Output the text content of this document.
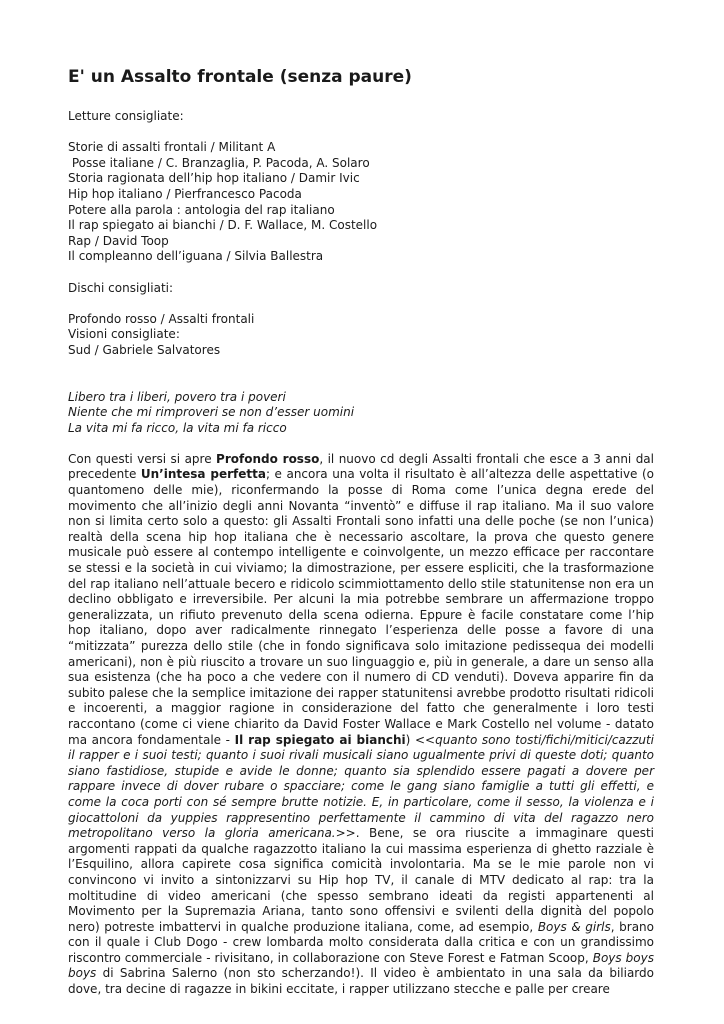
E' un Assalto frontale (senza paure)
Letture consigliate:
Storie di assalti frontali / Militant A
Posse italiane / C. Branzaglia, P. Pacoda, A. Solaro
Storia ragionata dell’hip hop italiano / Damir Ivic
Hip hop italiano / Pierfrancesco Pacoda
Potere alla parola : antologia del rap italiano
Il rap spiegato ai bianchi / D. F. Wallace, M. Costello
Rap / David Toop
Il compleanno dell’iguana / Silvia Ballestra
Dischi consigliati:
Profondo rosso / Assalti frontali
Visioni consigliate:
Sud / Gabriele Salvatores
Libero tra i liberi, povero tra i poveri
Niente che mi rimproveri se non d’esser uomini
La vita mi fa ricco, la vita mi fa ricco

Con questi versi si apre Profondo rosso, il nuovo cd degli Assalti frontali che esce a 3 anni dal precedente Un’intesa perfetta; e ancora una volta il risultato è all’altezza delle aspettative (o quantomeno delle mie), riconfermando la posse di Roma come l’unica degna erede del movimento che all’inizio degli anni Novanta “inventò” e diffuse il rap italiano. Ma il suo valore non si limita certo solo a questo: gli Assalti Frontali sono infatti una delle poche (se non l’unica) realtà della scena hip hop italiana che è necessario ascoltare, la prova che questo genere musicale può essere al contempo intelligente e coinvolgente, un mezzo efficace per raccontare se stessi e la società in cui viviamo; la dimostrazione, per essere espliciti, che la trasformazione del rap italiano nell’attuale becero e ridicolo scimmiottamento dello stile statunitense non era un declino obbligato e irreversibile. Per alcuni la mia potrebbe sembrare un affermazione troppo generalizzata, un rifiuto prevenuto della scena odierna. Eppure è facile constatare come l’hip hop italiano, dopo aver radicalmente rinnegato l’esperienza delle posse a favore di una “mitizzata” purezza dello stile (che in fondo significava solo imitazione pedissequa dei modelli americani), non è più riuscito a trovare un suo linguaggio e, più in generale, a dare un senso alla sua esistenza (che ha poco a che vedere con il numero di CD venduti). Doveva apparire fin da subito palese che la semplice imitazione dei rapper statunitensi avrebbe prodotto risultati ridicoli e incoerenti, a maggior ragione in considerazione del fatto che generalmente i loro testi raccontano (come ci viene chiarito da David Foster Wallace e Mark Costello nel volume - datato ma ancora fondamentale - Il rap spiegato ai bianchi) <<quanto sono tosti/fichi/mitici/cazzuti il rapper e i suoi testi; quanto i suoi rivali musicali siano ugualmente privi di queste doti; quanto siano fastidiose, stupide e avide le donne; quanto sia splendido essere pagati a dovere per rappare invece di dover rubare o spacciare; come le gang siano famiglie a tutti gli effetti, e come la coca porti con sé sempre brutte notizie. E, in particolare, come il sesso, la violenza e i giocattoloni da yuppies rappresentino perfettamente il cammino di vita del ragazzo nero metropolitano verso la gloria americana.>>. Bene, se ora riuscite a immaginare questi argomenti rappati da qualche ragazzotto italiano la cui massima esperienza di ghetto razziale è l’Esquilino, allora capirete cosa significa comicità involontaria. Ma se le mie parole non vi convincono vi invito a sintonizzarvi su Hip hop TV, il canale di MTV dedicato al rap: tra la moltitudine di video americani (che spesso sembrano ideati da registi appartenenti al Movimento per la Supremazia Ariana, tanto sono offensivi e svilenti della dignità del popolo nero) potreste imbattervi in qualche produzione italiana, come, ad esempio, Boys & girls, brano con il quale i Club Dogo - crew lombarda molto considerata dalla critica e con un grandissimo riscontro commerciale - rivisitano, in collaborazione con Steve Forest e Fatman Scoop, Boys boys boys di Sabrina Salerno (non sto scherzando!). Il video è ambientato in una sala da biliardo dove, tra decine di ragazze in bikini eccitate, i rapper utilizzano stecche e palle per creare
